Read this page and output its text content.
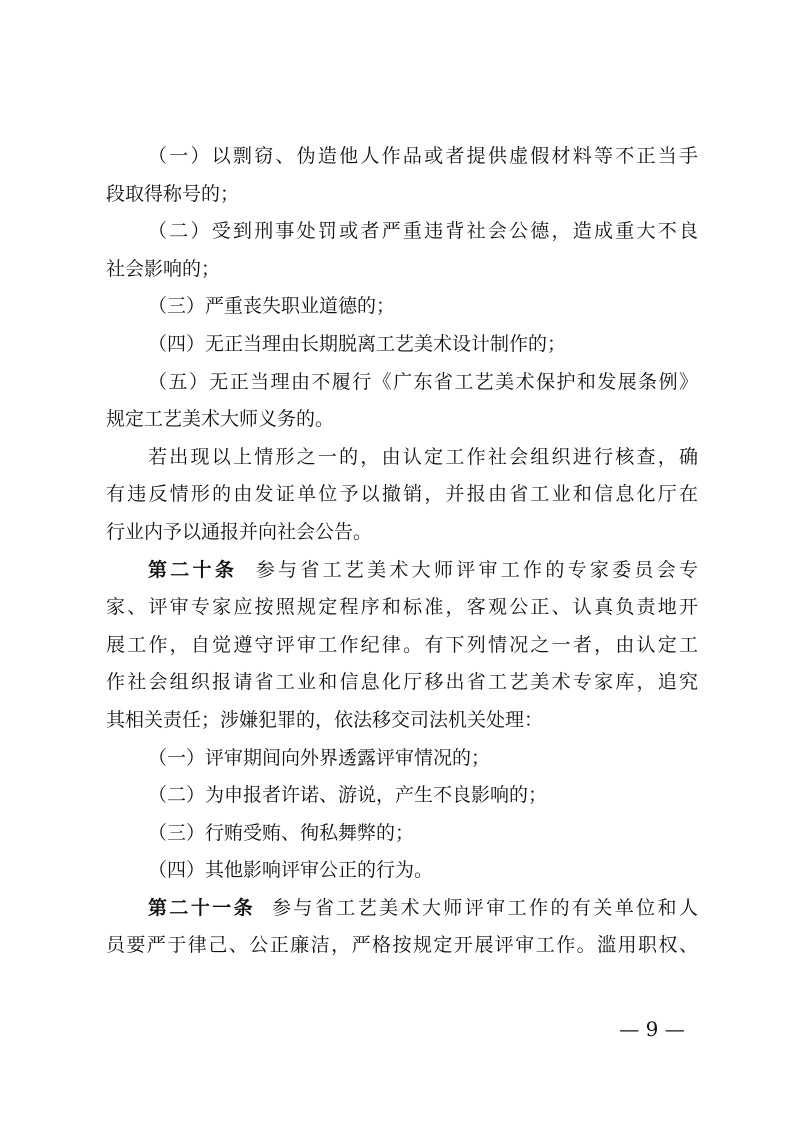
（一）以剽窃、伪造他人作品或者提供虚假材料等不正当手
段取得称号的；
（二）受到刑事处罚或者严重违背社会公德，造成重大不良
社会影响的；
（三）严重丧失职业道德的；
（四）无正当理由长期脱离工艺美术设计制作的；
（五）无正当理由不履行《广东省工艺美术保护和发展条例》
规定工艺美术大师义务的。
若出现以上情形之一的，由认定工作社会组织进行核查，确
有违反情形的由发证单位予以撤销，并报由省工业和信息化厅在
行业内予以通报并向社会公告。
第二十条 参与省工艺美术大师评审工作的专家委员会专
家、评审专家应按照规定程序和标准，客观公正、认真负责地开
展工作，自觉遵守评审工作纪律。有下列情况之一者，由认定工
作社会组织报请省工业和信息化厅移出省工艺美术专家库，追究
其相关责任；涉嫌犯罪的，依法移交司法机关处理：
（一）评审期间向外界透露评审情况的；
（二）为申报者许诺、游说，产生不良影响的；
（三）行贿受贿、徇私舞弊的；
（四）其他影响评审公正的行为。
第二十一条 参与省工艺美术大师评审工作的有关单位和人
员要严于律己、公正廉洁，严格按规定开展评审工作。滥用职权、
— 9 —
